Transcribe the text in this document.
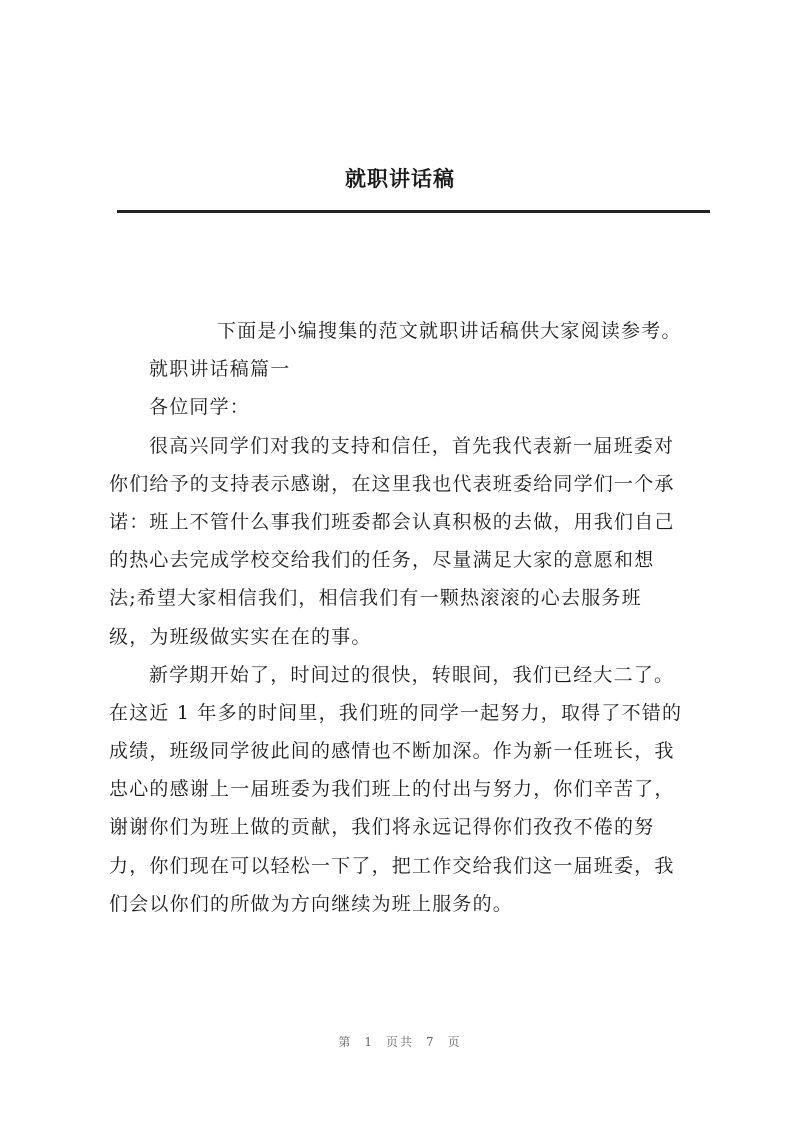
就职讲话稿
下面是小编搜集的范文就职讲话稿供大家阅读参考。
就职讲话稿篇一
各位同学：
很高兴同学们对我的支持和信任，首先我代表新一届班委对
你们给予的支持表示感谢，在这里我也代表班委给同学们一个承
诺：班上不管什么事我们班委都会认真积极的去做，用我们自己
的热心去完成学校交给我们的任务，尽量满足大家的意愿和想
法;希望大家相信我们，相信我们有一颗热滚滚的心去服务班
级，为班级做实实在在的事。
新学期开始了，时间过的很快，转眼间，我们已经大二了。
在这近 1 年多的时间里，我们班的同学一起努力，取得了不错的
成绩，班级同学彼此间的感情也不断加深。作为新一任班长，我
忠心的感谢上一届班委为我们班上的付出与努力，你们辛苦了，
谢谢你们为班上做的贡献，我们将永远记得你们孜孜不倦的努
力，你们现在可以轻松一下了，把工作交给我们这一届班委，我
们会以你们的所做为方向继续为班上服务的。
第 1 页共 7 页
